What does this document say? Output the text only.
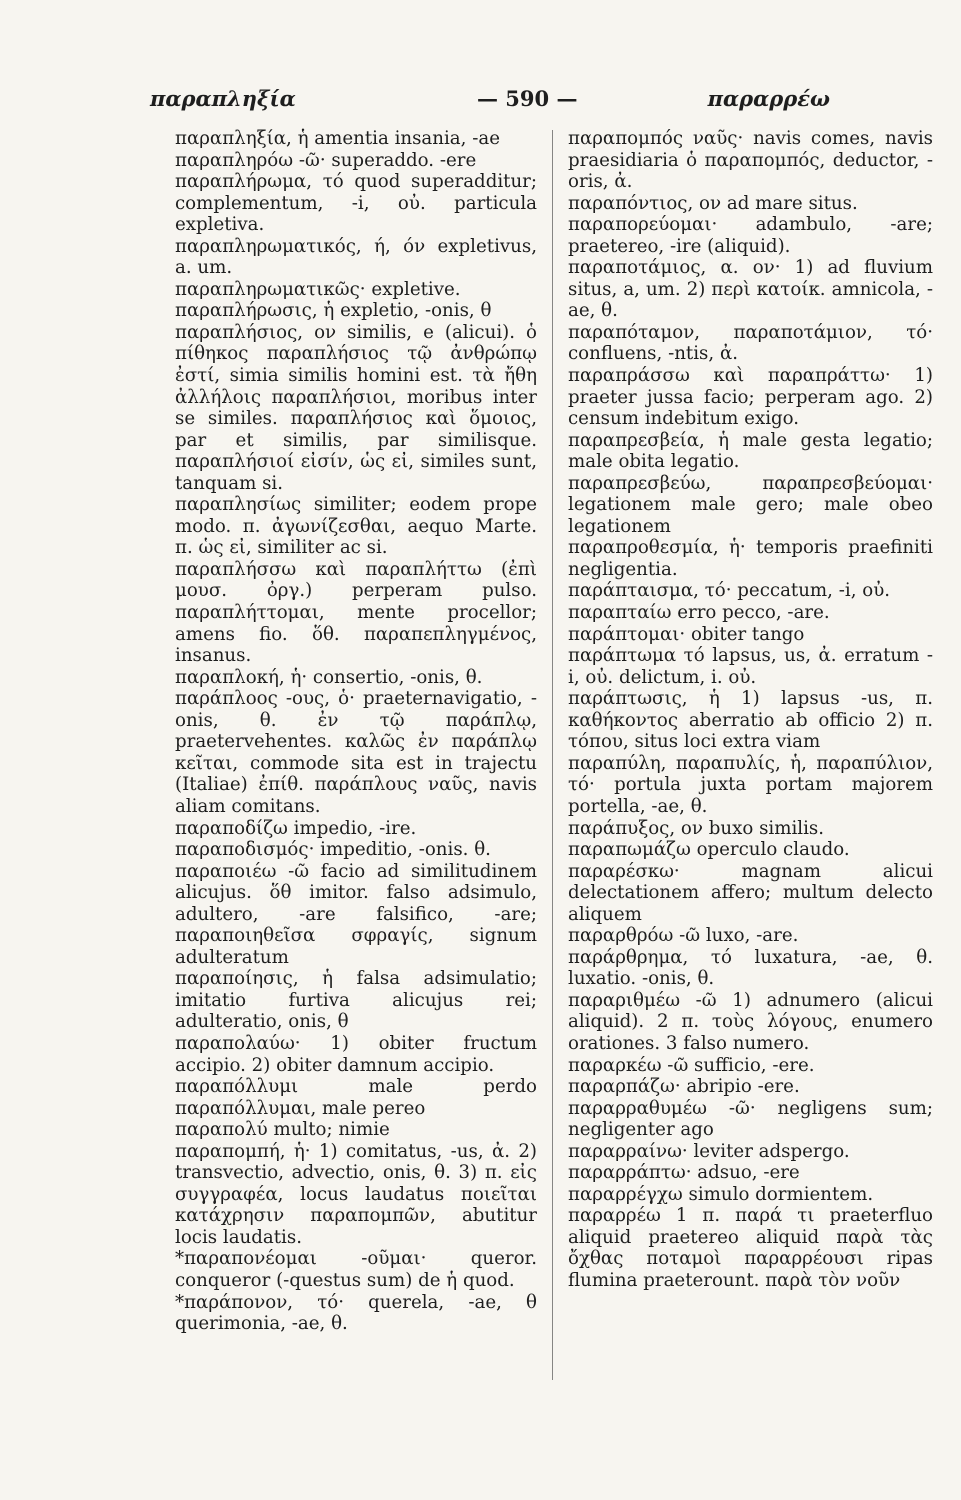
παραπληξία	— 590 —	παραρρέω

παραπληξία, ἡ amentia insania, -ae

παραπληρόω -ῶ· superaddo. -ere

παραπλήρωμα, τό quod superadditur; complementum, -i, οὐ. particula expletiva.

παραπληρωματικός, ή, όν expletivus, a. um.

παραπληρωματικῶς· expletive.

παραπλήρωσις, ἡ expletio, -onis, θ

παραπλήσιος, ον similis, e (alicui). ὁ πίθηκος παραπλήσιος τῷ ἀνθρώπῳ ἐστί, simia similis homini est. τὰ ἤθη ἀλλήλοις παραπλήσιοι, moribus inter se similes. παραπλήσιος καὶ ὅμοιος, par et similis, par similisque. παραπλήσιοί εἰσίν, ὡς εἰ, similes sunt, tanquam si.

παραπλησίως similiter; eodem prope modo. π. ἀγωνίζεσθαι, aequo Marte. π. ὡς εἰ, similiter ac si.

παραπλήσσω καὶ παραπλήττω (ἐπὶ μουσ. ὀργ.) perperam pulso. παραπλήττομαι, mente procellor; amens fio. ὅθ. παραπεπληγμένος, insanus.

παραπλοκή, ἡ· consertio, -onis, θ.

παράπλοος -ους, ὁ· praeternavigatio, -onis, θ. ἐν τῷ παράπλῳ, praetervehentes. καλῶς ἐν παράπλῳ κεῖται, commode sita est in trajectu (Italiae) ἐπίθ. παράπλους ναῦς, navis aliam comitans.

παραποδίζω impedio, -ire.

παραποδισμός· impeditio, -onis. θ.

παραποιέω -ῶ facio ad similitudinem alicujus. ὅθ imitor. falso adsimulo, adultero, -are falsifico, -are; παραποιηθεῖσα σφραγίς, signum adulteratum

παραποίησις, ἡ falsa adsimulatio; imitatio furtiva alicujus rei; adulteratio, onis, θ

παραπολαύω· 1) obiter fructum accipio. 2) obiter damnum accipio.

παραπόλλυμι male perdo παραπόλλυμαι, male pereo

παραπολύ multo; nimie

παραπομπή, ἡ· 1) comitatus, -us, ἀ. 2) transvectio, advectio, onis, θ. 3) π. εἰς συγγραφέα, locus laudatus ποιεῖται κατάχρησιν παραπομπῶν, abutitur locis laudatis.

*παραπονέομαι -οῦμαι· queror. conqueror (-questus sum) de ἡ quod.

*παράπονον, τό· querela, -ae, θ querimonia, -ae, θ.

παραπομπός ναῦς· navis comes, navis praesidiaria ὁ παραπομπός, deductor, -oris, ἀ.

παραπόντιος, ον ad mare situs.

παραπορεύομαι· adambulo, -are; praetereo, -ire (aliquid).

παραποτάμιος, α. ον· 1) ad fluvium situs, a, um. 2) περὶ κατοίκ. amnicola, -ae, θ.

παραπόταμον, παραποτάμιον, τό· confluens, -ntis, ἀ.

παραπράσσω καὶ παραπράττω· 1) praeter jussa facio; perperam ago. 2) censum indebitum exigo.

παραπρεσβεία, ἡ male gesta legatio; male obita legatio.

παραπρεσβεύω, παραπρεσβεύομαι· legationem male gero; male obeo legationem

παραπροθεσμία, ἡ· temporis praefiniti negligentia.

παράπταισμα, τό· peccatum, -i, οὐ.

παραπταίω erro pecco, -are.

παράπτομαι· obiter tango

παράπτωμα τό lapsus, us, ἀ. erratum -i, οὐ. delictum, i. οὐ.

παράπτωσις, ἡ 1) lapsus -us, π. καθήκοντος aberratio ab officio 2) π. τόπου, situs loci extra viam

παραπύλη, παραπυλίς, ἡ, παραπύλιον, τό· portula juxta portam majorem portella, -ae, θ.

παράπυξος, ον buxo similis.

παραπωμάζω operculo claudo.

παραρέσκω· magnam alicui delectationem affero; multum delecto aliquem

παραρθρόω -ῶ luxo, -are.

παράρθρημα, τό luxatura, -ae, θ. luxatio. -onis, θ.

παραριθμέω -ῶ 1) adnumero (alicui aliquid). 2 π. τοὺς λόγους, enumero orationes. 3 falso numero.

παραρκέω -ῶ sufficio, -ere.

παραρπάζω· abripio -ere.

παραρραθυμέω -ῶ· negligens sum; negligenter ago

παραρραίνω· leviter adspergo.

παραρράπτω· adsuo, -ere

παραρρέγχω simulo dormientem.

παραρρέω 1 π. παρά τι praeterfluo aliquid praetereo aliquid παρὰ τὰς ὄχθας ποταμοὶ παραρρέουσι ripas flumina praeterount. παρὰ τὸν νοῦν
